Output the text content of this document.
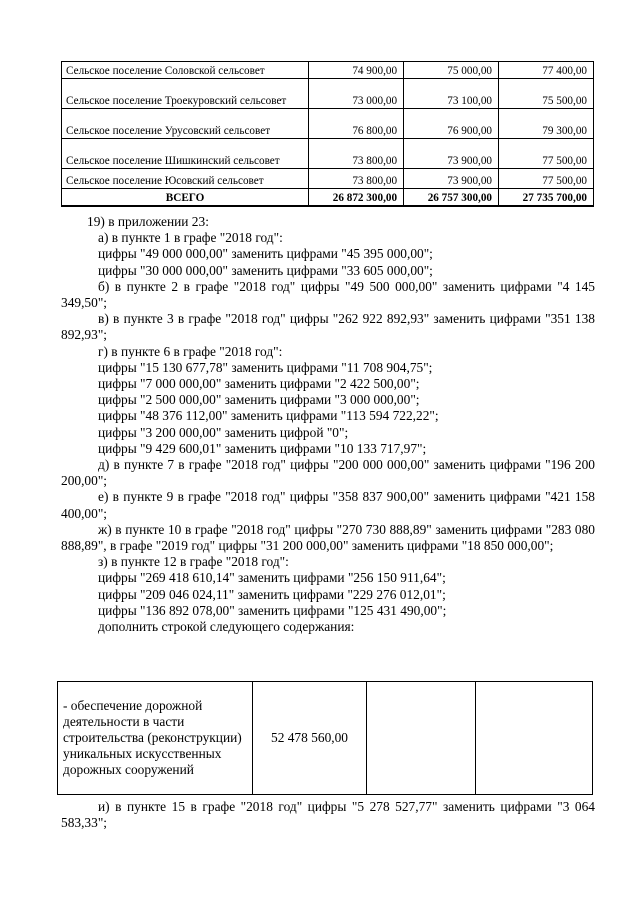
Сельское поселение Соловской сельсовет	74 900,00	75 000,00	77 400,00
Сельское поселение Троекуровский сельсовет	73 000,00	73 100,00	75 500,00
Сельское поселение Урусовский сельсовет	76 800,00	76 900,00	79 300,00
Сельское поселение Шишкинский сельсовет	73 800,00	73 900,00	77 500,00
Сельское поселение Юсовский сельсовет	73 800,00	73 900,00	77 500,00
ВСЕГО	26 872 300,00	26 757 300,00	27 735 700,00

19) в приложении 23:

а) в пункте 1 в графе "2018 год":

цифры "49 000 000,00" заменить цифрами "45 395 000,00";

цифры "30 000 000,00" заменить цифрами "33 605 000,00";

б) в пункте 2 в графе "2018 год" цифры "49 500 000,00" заменить цифрами "4 145 349,50";

в) в пункте 3 в графе "2018 год" цифры "262 922 892,93" заменить цифрами "351 138 892,93";

г) в пункте 6 в графе "2018 год":

цифры "15 130 677,78" заменить цифрами "11 708 904,75";

цифры "7 000 000,00" заменить цифрами "2 422 500,00";

цифры "2 500 000,00" заменить цифрами "3 000 000,00";

цифры "48 376 112,00" заменить цифрами "113 594 722,22";

цифры "3 200 000,00" заменить цифрой "0";

цифры "9 429 600,01" заменить цифрами "10 133 717,97";

д) в пункте 7 в графе "2018 год" цифры "200 000 000,00" заменить цифрами "196 200 200,00";

е) в пункте 9 в графе "2018 год" цифры "358 837 900,00" заменить цифрами "421 158 400,00";

ж) в пункте 10 в графе "2018 год" цифры "270 730 888,89" заменить цифрами "283 080 888,89", в графе "2019 год" цифры "31 200 000,00" заменить цифрами "18 850 000,00";

з) в пункте 12 в графе "2018 год":

цифры "269 418 610,14" заменить цифрами "256 150 911,64";

цифры "209 046 024,11" заменить цифрами "229 276 012,01";

цифры "136 892 078,00" заменить цифрами "125 431 490,00";

дополнить строкой следующего содержания:

- обеспечение дорожной деятельности в части строительства (реконструкции) уникальных искусственных дорожных сооружений	52 478 560,00		

и) в пункте 15 в графе "2018 год" цифры "5 278 527,77" заменить цифрами "3 064 583,33";
